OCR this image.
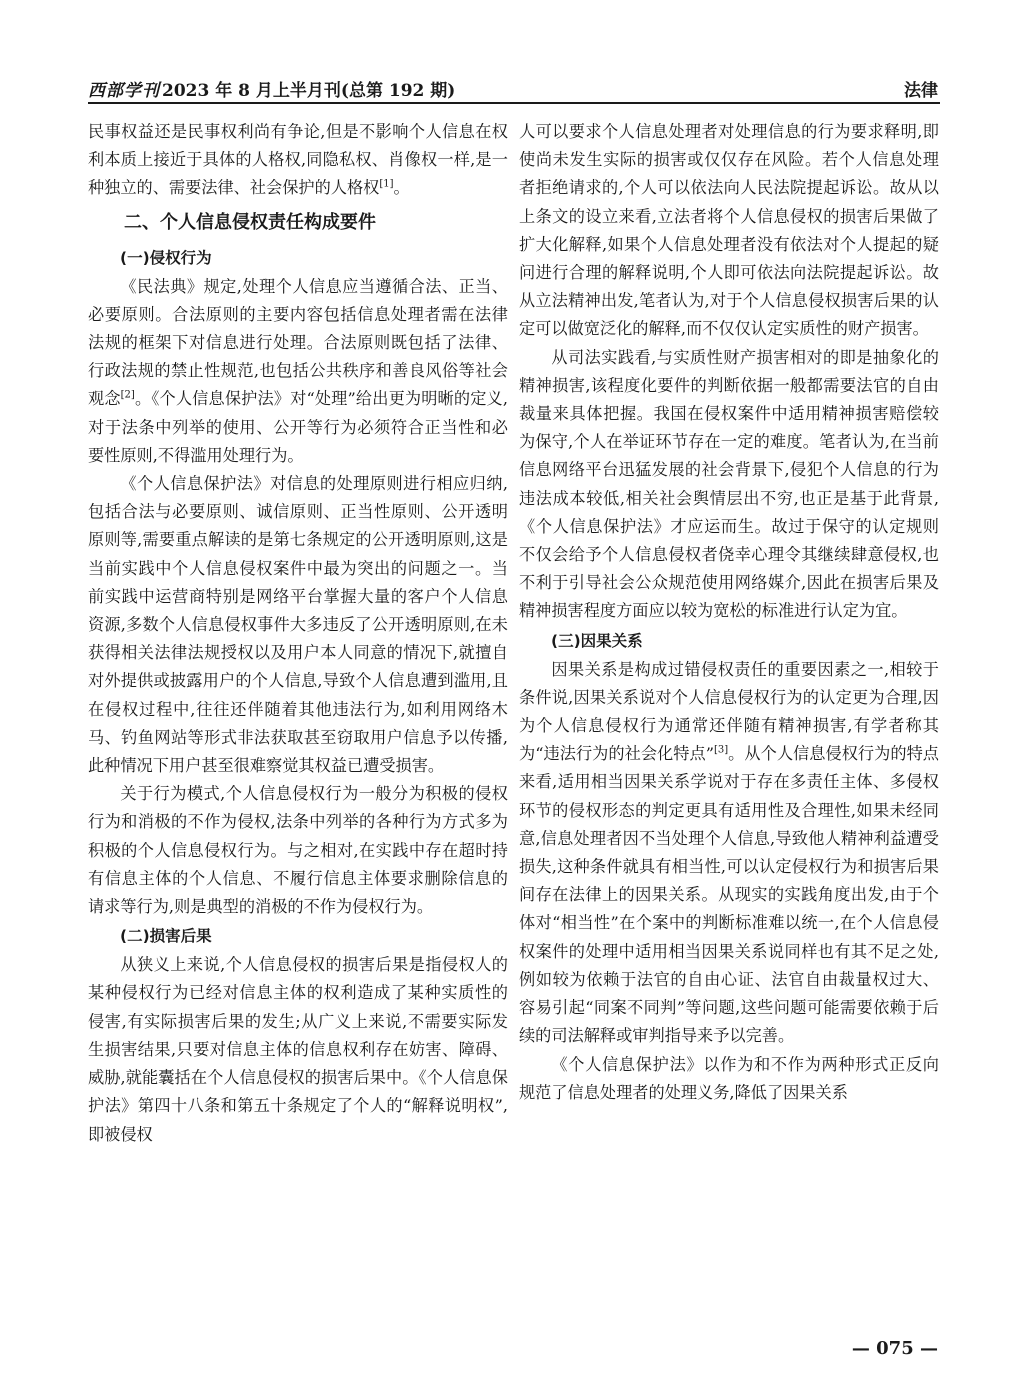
西部学刊 2023 年 8 月上半月刊(总第 192 期)	法律

民事权益还是民事权利尚有争论,但是不影响个人信息在权利本质上接近于具体的人格权,同隐私权、肖像权一样,是一种独立的、需要法律、社会保护的人格权[1]。

二、个人信息侵权责任构成要件
(一)侵权行为

《民法典》规定,处理个人信息应当遵循合法、正当、必要原则。合法原则的主要内容包括信息处理者需在法律法规的框架下对信息进行处理。合法原则既包括了法律、行政法规的禁止性规范,也包括公共秩序和善良风俗等社会观念[2]。《个人信息保护法》对“处理”给出更为明晰的定义,对于法条中列举的使用、公开等行为必须符合正当性和必要性原则,不得滥用处理行为。

《个人信息保护法》对信息的处理原则进行相应归纳,包括合法与必要原则、诚信原则、正当性原则、公开透明原则等,需要重点解读的是第七条规定的公开透明原则,这是当前实践中个人信息侵权案件中最为突出的问题之一。当前实践中运营商特别是网络平台掌握大量的客户个人信息资源,多数个人信息侵权事件大多违反了公开透明原则,在未获得相关法律法规授权以及用户本人同意的情况下,就擅自对外提供或披露用户的个人信息,导致个人信息遭到滥用,且在侵权过程中,往往还伴随着其他违法行为,如利用网络木马、钓鱼网站等形式非法获取甚至窃取用户信息予以传播,此种情况下用户甚至很难察觉其权益已遭受损害。

关于行为模式,个人信息侵权行为一般分为积极的侵权行为和消极的不作为侵权,法条中列举的各种行为方式多为积极的个人信息侵权行为。与之相对,在实践中存在超时持有信息主体的个人信息、不履行信息主体要求删除信息的请求等行为,则是典型的消极的不作为侵权行为。

(二)损害后果

从狭义上来说,个人信息侵权的损害后果是指侵权人的某种侵权行为已经对信息主体的权利造成了某种实质性的侵害,有实际损害后果的发生;从广义上来说,不需要实际发生损害结果,只要对信息主体的信息权利存在妨害、障碍、威胁,就能囊括在个人信息侵权的损害后果中。《个人信息保护法》第四十八条和第五十条规定了个人的“解释说明权”,即被侵权

人可以要求个人信息处理者对处理信息的行为要求释明,即使尚未发生实际的损害或仅仅存在风险。若个人信息处理者拒绝请求的,个人可以依法向人民法院提起诉讼。故从以上条文的设立来看,立法者将个人信息侵权的损害后果做了扩大化解释,如果个人信息处理者没有依法对个人提起的疑问进行合理的解释说明,个人即可依法向法院提起诉讼。故从立法精神出发,笔者认为,对于个人信息侵权损害后果的认定可以做宽泛化的解释,而不仅仅认定实质性的财产损害。

从司法实践看,与实质性财产损害相对的即是抽象化的精神损害,该程度化要件的判断依据一般都需要法官的自由裁量来具体把握。我国在侵权案件中适用精神损害赔偿较为保守,个人在举证环节存在一定的难度。笔者认为,在当前信息网络平台迅猛发展的社会背景下,侵犯个人信息的行为违法成本较低,相关社会舆情层出不穷,也正是基于此背景,《个人信息保护法》才应运而生。故过于保守的认定规则不仅会给予个人信息侵权者侥幸心理令其继续肆意侵权,也不利于引导社会公众规范使用网络媒介,因此在损害后果及精神损害程度方面应以较为宽松的标准进行认定为宜。

(三)因果关系

因果关系是构成过错侵权责任的重要因素之一,相较于条件说,因果关系说对个人信息侵权行为的认定更为合理,因为个人信息侵权行为通常还伴随有精神损害,有学者称其为“违法行为的社会化特点”[3]。从个人信息侵权行为的特点来看,适用相当因果关系学说对于存在多责任主体、多侵权环节的侵权形态的判定更具有适用性及合理性,如果未经同意,信息处理者因不当处理个人信息,导致他人精神利益遭受损失,这种条件就具有相当性,可以认定侵权行为和损害后果间存在法律上的因果关系。从现实的实践角度出发,由于个体对“相当性”在个案中的判断标准难以统一,在个人信息侵权案件的处理中适用相当因果关系说同样也有其不足之处,例如较为依赖于法官的自由心证、法官自由裁量权过大、容易引起“同案不同判”等问题,这些问题可能需要依赖于后续的司法解释或审判指导来予以完善。

《个人信息保护法》以作为和不作为两种形式正反向规范了信息处理者的处理义务,降低了因果关系

— 075 —
